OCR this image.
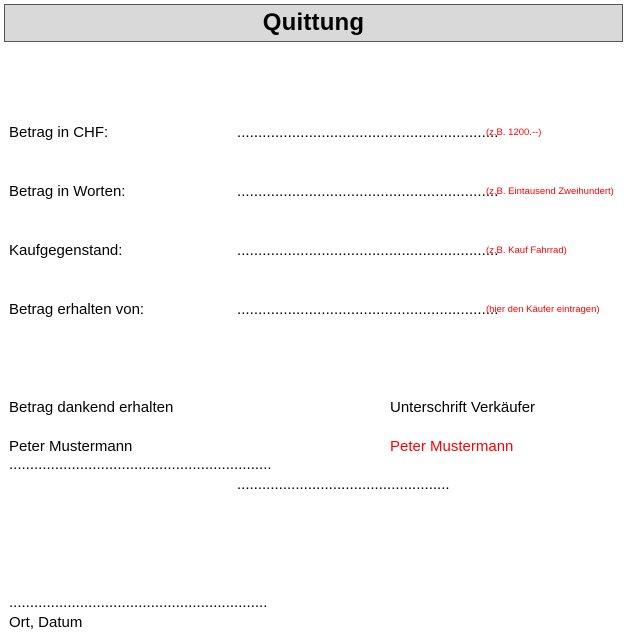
Quittung
Betrag in CHF:	..............................................................
(z.B. 1200.--)
Betrag in Worten:	..............................................................
(z.B. Eintausend Zweihundert)
Kaufgegenstand:	..............................................................
(z.B. Kauf Fahrrad)
Betrag erhalten von:	..............................................................
(hier den Käufer eintragen)
Betrag dankend erhalten	Unterschrift Verkäufer
Peter Mustermann	Peter Mustermann
...............................................................
...................................................
..............................................................
Ort, Datum
